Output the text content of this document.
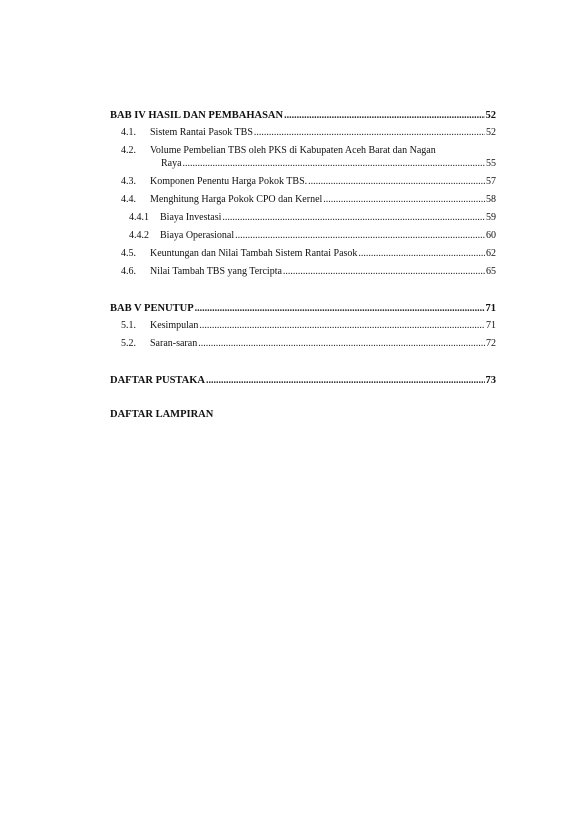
BAB IV HASIL DAN PEMBAHASAN .....	52
4.1. Sistem Rantai Pasok TBS .....	52
4.2. Volume Pembelian TBS oleh PKS di Kabupaten Aceh Barat dan Nagan
Raya .....	55
4.3. Komponen Penentu Harga Pokok TBS. .....	57
4.4. Menghitung Harga Pokok CPO dan Kernel .....	58
4.4.1 Biaya Investasi .....	59
4.4.2 Biaya Operasional .....	60
4.5. Keuntungan dan Nilai Tambah Sistem Rantai Pasok .....	62
4.6. Nilai Tambah TBS yang Tercipta .....	65
BAB V PENUTUP .....	71
5.1. Kesimpulan .....	71
5.2. Saran-saran .....	72
DAFTAR PUSTAKA .....	73
DAFTAR LAMPIRAN
